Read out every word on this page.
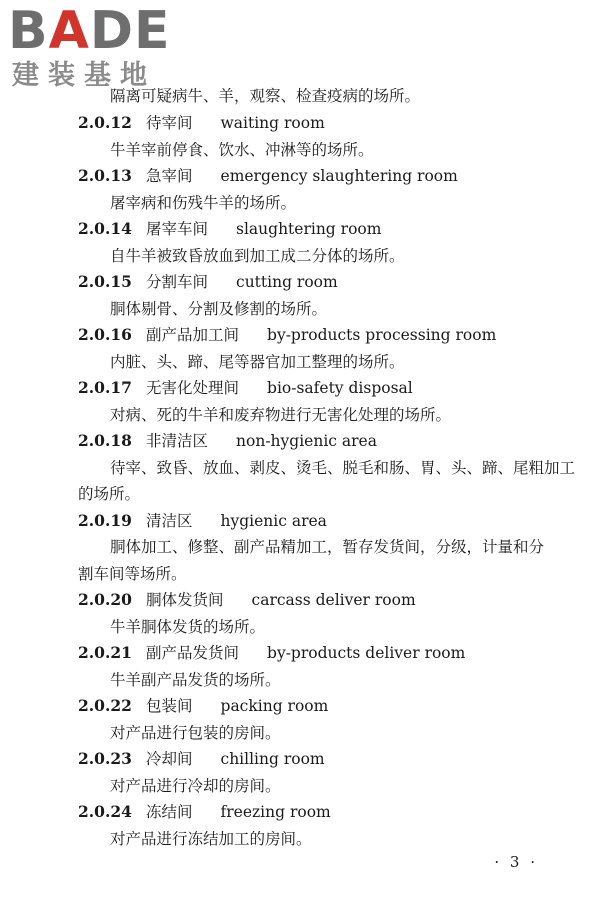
BADE
建装基地
隔离可疑病牛、羊，观察、检查疫病的场所。
2.0.12 待宰间 waiting room
牛羊宰前停食、饮水、冲淋等的场所。
2.0.13 急宰间 emergency slaughtering room
屠宰病和伤残牛羊的场所。
2.0.14 屠宰车间 slaughtering room
自牛羊被致昏放血到加工成二分体的场所。
2.0.15 分割车间 cutting room
胴体剔骨、分割及修割的场所。
2.0.16 副产品加工间 by-products processing room
内脏、头、蹄、尾等器官加工整理的场所。
2.0.17 无害化处理间 bio-safety disposal
对病、死的牛羊和废弃物进行无害化处理的场所。
2.0.18 非清洁区 non-hygienic area
待宰、致昏、放血、剥皮、烫毛、脱毛和肠、胃、头、蹄、尾粗加工
的场所。
2.0.19 清洁区 hygienic area
胴体加工、修整、副产品精加工，暂存发货间，分级，计量和分
割车间等场所。
2.0.20 胴体发货间 carcass deliver room
牛羊胴体发货的场所。
2.0.21 副产品发货间 by-products deliver room
牛羊副产品发货的场所。
2.0.22 包装间 packing room
对产品进行包装的房间。
2.0.23 冷却间 chilling room
对产品进行冷却的房间。
2.0.24 冻结间 freezing room
对产品进行冻结加工的房间。
· 3 ·
